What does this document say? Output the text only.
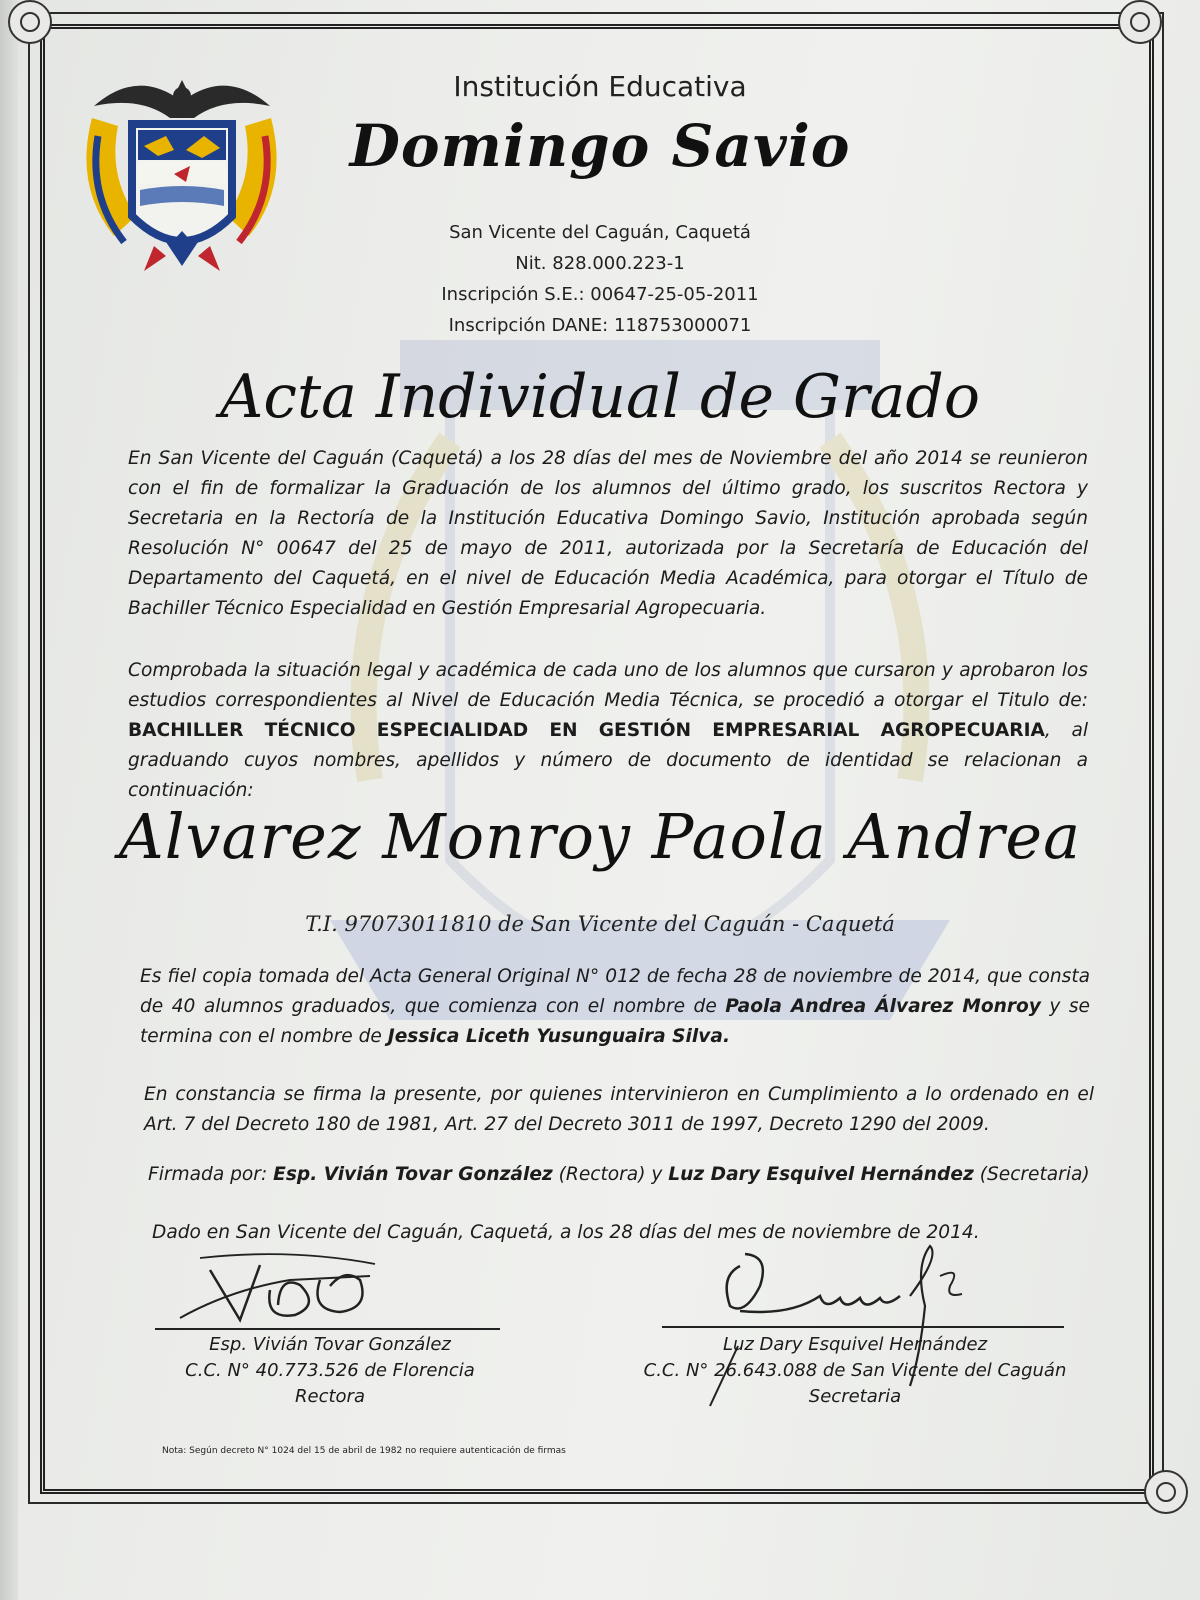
Institución Educativa
Domingo Savio
San Vicente del Caguán, Caquetá
Nit. 828.000.223-1
Inscripción S.E.: 00647-25-05-2011
Inscripción DANE: 118753000071
Acta Individual de Grado

En San Vicente del Caguán (Caquetá) a los 28 días del mes de Noviembre del año 2014 se reunieron con el fin de formalizar la Graduación de los alumnos del último grado, los suscritos Rectora y Secretaria en la Rectoría de la Institución Educativa Domingo Savio, Institución aprobada según Resolución N° 00647 del 25 de mayo de 2011, autorizada por la Secretaría de Educación del Departamento del Caquetá, en el nivel de Educación Media Académica, para otorgar el Título de Bachiller Técnico Especialidad en Gestión Empresarial Agropecuaria.

Comprobada la situación legal y académica de cada uno de los alumnos que cursaron y aprobaron los estudios correspondientes al Nivel de Educación Media Técnica, se procedió a otorgar el Titulo de: BACHILLER TÉCNICO ESPECIALIDAD EN GESTIÓN EMPRESARIAL AGROPECUARIA, al graduando cuyos nombres, apellidos y número de documento de identidad se relacionan a continuación:

Alvarez Monroy Paola Andrea
T.I. 97073011810 de San Vicente del Caguán - Caquetá

Es fiel copia tomada del Acta General Original N° 012 de fecha 28 de noviembre de 2014, que consta de 40 alumnos graduados, que comienza con el nombre de Paola Andrea Álvarez Monroy y se termina con el nombre de Jessica Liceth Yusunguaira Silva.

En constancia se firma la presente, por quienes intervinieron en Cumplimiento a lo ordenado en el Art. 7 del Decreto 180 de 1981, Art. 27 del Decreto 3011 de 1997, Decreto 1290 del 2009.

Firmada por: Esp. Vivián Tovar González (Rectora) y Luz Dary Esquivel Hernández (Secretaria)

Dado en San Vicente del Caguán, Caquetá, a los 28 días del mes de noviembre de 2014.

Esp. Vivián Tovar González
C.C. N° 40.773.526 de Florencia
Rectora
Luz Dary Esquivel Hernández
C.C. N° 26.643.088 de San Vicente del Caguán
Secretaria
Nota: Según decreto N° 1024 del 15 de abril de 1982 no requiere autenticación de firmas
